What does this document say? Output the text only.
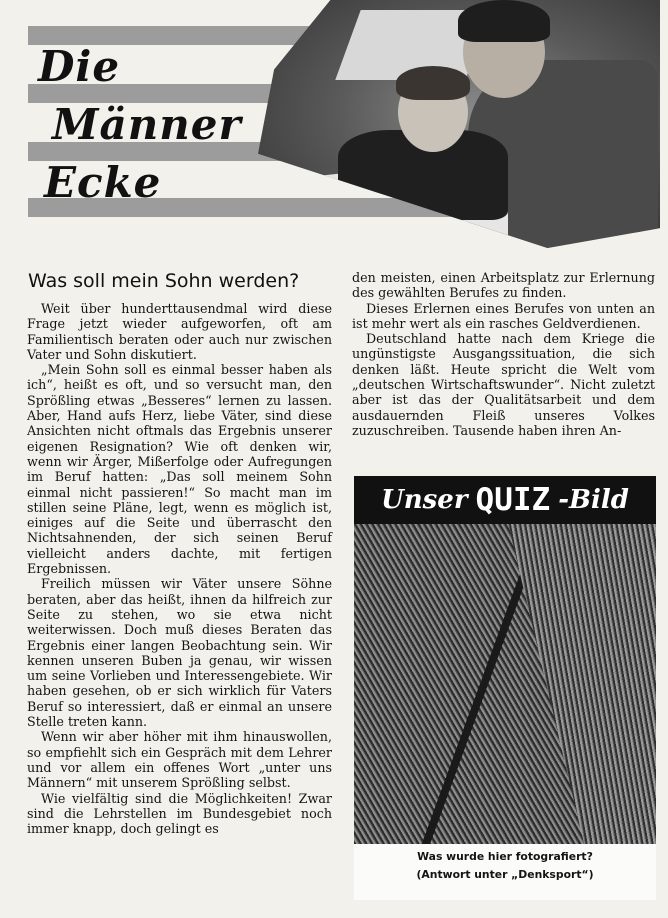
Die
Männer
Ecke
Was soll mein Sohn werden?

Weit über hunderttausendmal wird diese Frage jetzt wieder aufgeworfen, oft am Familientisch beraten oder auch nur zwischen Vater und Sohn diskutiert.

„Mein Sohn soll es einmal besser haben als ich“, heißt es oft, und so versucht man, den Sprößling etwas „Besseres“ lernen zu lassen. Aber, Hand aufs Herz, liebe Väter, sind diese Ansichten nicht oftmals das Ergebnis unserer eigenen Resignation? Wie oft denken wir, wenn wir Ärger, Mißerfolge oder Aufregungen im Beruf hatten: „Das soll meinem Sohn einmal nicht passieren!“ So macht man im stillen seine Pläne, legt, wenn es möglich ist, einiges auf die Seite und überrascht den Nichtsahnenden, der sich seinen Beruf vielleicht anders dachte, mit fertigen Ergebnissen.

Freilich müssen wir Väter unsere Söhne beraten, aber das heißt, ihnen da hilfreich zur Seite zu stehen, wo sie etwa nicht weiterwissen. Doch muß dieses Beraten das Ergebnis einer langen Beobachtung sein. Wir kennen unseren Buben ja genau, wir wissen um seine Vorlieben und Interessengebiete. Wir haben gesehen, ob er sich wirklich für Vaters Beruf so interessiert, daß er einmal an unsere Stelle treten kann.

Wenn wir aber höher mit ihm hinauswollen, so empfiehlt sich ein Gespräch mit dem Lehrer und vor allem ein offenes Wort „unter uns Männern“ mit unserem Sprößling selbst.

Wie vielfältig sind die Möglichkeiten! Zwar sind die Lehrstellen im Bundesgebiet noch immer knapp, doch gelingt es

den meisten, einen Arbeitsplatz zur Erlernung des gewählten Berufes zu finden.

Dieses Erlernen eines Berufes von unten an ist mehr wert als ein rasches Geldverdienen.

Deutschland hatte nach dem Kriege die ungünstigste Ausgangssituation, die sich denken läßt. Heute spricht die Welt vom „deutschen Wirtschaftswunder“. Nicht zuletzt aber ist das der Qualitätsarbeit und dem ausdauernden Fleiß unseres Volkes zuzuschreiben. Tausende haben ihren An-

Unser QUIZ -Bild
Was wurde hier fotografiert?
(Antwort unter „Denksport“)
